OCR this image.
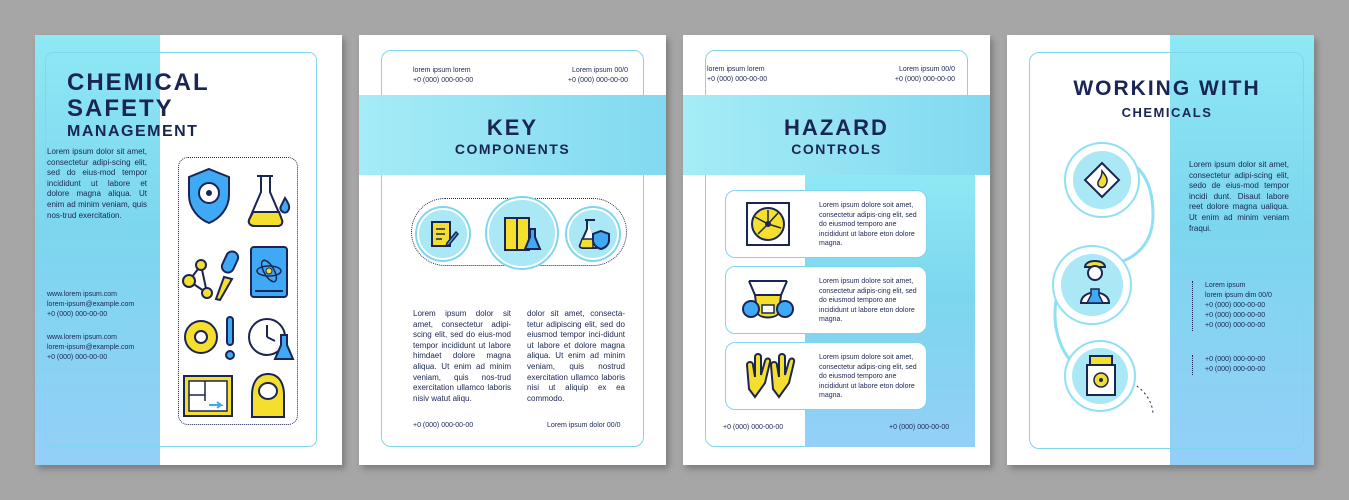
CHEMICAL
SAFETY
MANAGEMENT
Lorem ipsum dolor sit amet, consectetur adipi-scing elit, sed do eius-mod tempor incididunt ut labore et dolore magna aliqua. Ut enim ad minim veniam, quis nos-trud exercitation.
www.lorem ipsum.com
lorem-ipsum@example.com
+0 (000) 000-00-00
www.lorem ipsum.com
lorem-ipsum@example.com
+0 (000) 000-00-00
lorem ipsum lorem
+0 (000) 000-00-00
Lorem ipsum 00/0
+0 (000) 000-00-00
KEY
COMPONENTS
Lorem ipsum dolor sit amet, consectetur adipi-scing elit, sed do eius-mod tempor incididunt ut labore himdaet dolore magna aliqua. Ut enim ad minim veniam, quis nos-trud exercitation ullamco laboris nisiv watut aliqu.
dolor sit amet, consecta-tetur adipiscing elit, sed do eiusmod tempor inci-didunt ut labore et dolore magna aliqua. Ut enim ad minim veniam, quis nostrud exercitation ullamco laboris nisi ut aliquip ex ea commodo.
+0 (000) 000-00-00	Lorem ipsum dolor 00/0
lorem ipsum lorem
+0 (000) 000-00-00
Lorem ipsum 00/0
+0 (000) 000-00-00
HAZARD
CONTROLS
Lorem ipsum dolore soit amet, consectetur adipis-cing elit, sed do eiusmod temporo ane incididunt ut labore eton dolore magna.
Lorem ipsum dolore soit amet, consectetur adipis-cing elit, sed do eiusmod temporo ane incididunt ut labore eton dolore magna.
Lorem ipsum dolore soit amet, consectetur adipis-cing elit, sed do eiusmod temporo ane incididunt ut labore eton dolore magna.
+0 (000) 000-00-00	+0 (000) 000-00-00
WORKING WITH
CHEMICALS
Lorem ipsum dolor sit amet, consectetur adipi-scing elit, sedo de eius-mod tempor incidi dunt. Disaut labore reet dolore magna ualiqua. Ut enim ad minim veniam fraqui.
Lorem ipsum
lorem ipsum dim 00/0
+0 (000) 000-00-00
+0 (000) 000-00-00
+0 (000) 000-00-00
+0 (000) 000-00-00
+0 (000) 000-00-00
